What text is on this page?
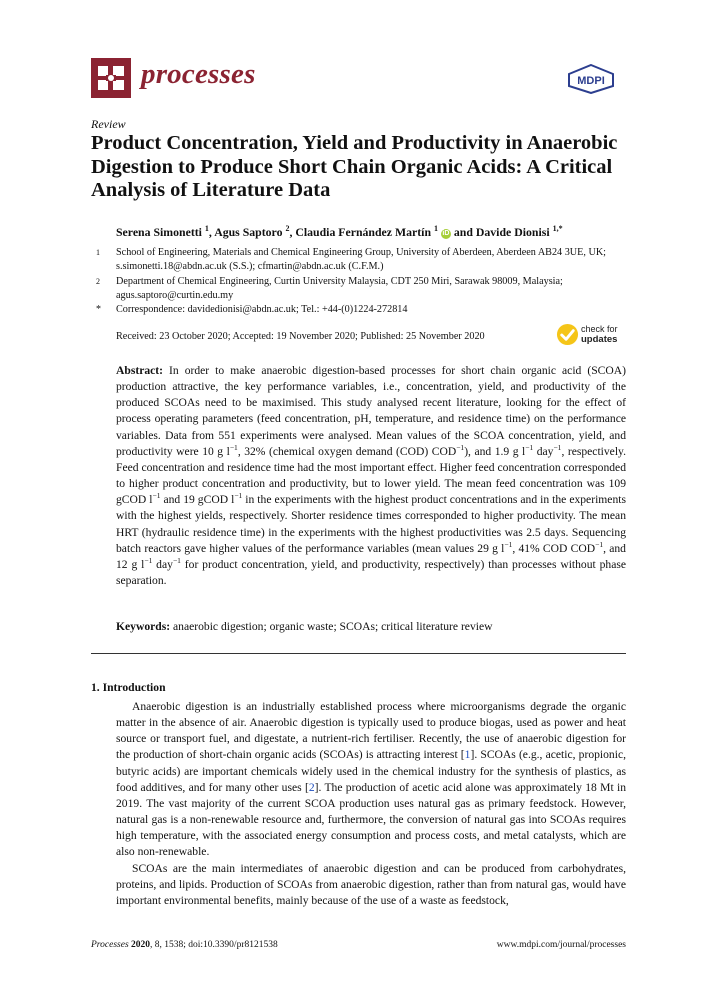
processes	MDPI
Review
Product Concentration, Yield and Productivity in Anaerobic Digestion to Produce Short Chain Organic Acids: A Critical Analysis of Literature Data
Serena Simonetti $^1$, Agus Saptoro $^2$, Claudia Fernández Martín $^1$ iD and Davide Dionisi $^{1,*}$
1 School of Engineering, Materials and Chemical Engineering Group, University of Aberdeen, Aberdeen AB24 3UE, UK; s.simonetti.18@abdn.ac.uk (S.S.); cfmartin@abdn.ac.uk (C.F.M.)
2 Department of Chemical Engineering, Curtin University Malaysia, CDT 250 Miri, Sarawak 98009, Malaysia; agus.saptoro@curtin.edu.my
* Correspondence: davidedionisi@abdn.ac.uk; Tel.: +44-(0)1224-272814
Received: 23 October 2020; Accepted: 19 November 2020; Published: 25 November 2020
check for
updates

Abstract: In order to make anaerobic digestion-based processes for short chain organic acid (SCOA) production attractive, the key performance variables, i.e., concentration, yield, and productivity of the produced SCOAs need to be maximised. This study analysed recent literature, looking for the effect of process operating parameters (feed concentration, pH, temperature, and residence time) on the performance variables. Data from 551 experiments were analysed. Mean values of the SCOA concentration, yield, and productivity were 10 g $l^{-1}$, 32% (chemical oxygen demand (COD) $COD^{-1}$), and 1.9 g $l^{-1}$ day$^{-1}$, respectively. Feed concentration and residence time had the most important effect. Higher feed concentration corresponded to higher product concentration and productivity, but to lower yield. The mean feed concentration was 109 gCOD $l^{-1}$ and 19 gCOD $l^{-1}$ in the experiments with the highest product concentrations and in the experiments with the highest yields, respectively. Shorter residence times corresponded to higher productivity. The mean HRT (hydraulic residence time) in the experiments with the highest productivities was 2.5 days. Sequencing batch reactors gave higher values of the performance variables (mean values 29 g $l^{-1}$, 41% COD $COD^{-1}$, and 12 g $l^{-1}$ day$^{-1}$ for product concentration, yield, and productivity, respectively) than processes without phase separation.

Keywords: anaerobic digestion; organic waste; SCOAs; critical literature review
1. Introduction

Anaerobic digestion is an industrially established process where microorganisms degrade the organic matter in the absence of air. Anaerobic digestion is typically used to produce biogas, used as power and heat source or transport fuel, and digestate, a nutrient-rich fertiliser. Recently, the use of anaerobic digestion for the production of short-chain organic acids (SCOAs) is attracting interest [1]. SCOAs (e.g., acetic, propionic, butyric acids) are important chemicals widely used in the chemical industry for the synthesis of plastics, as food additives, and for many other uses [2]. The production of acetic acid alone was approximately 18 Mt in 2019. The vast majority of the current SCOA production uses natural gas as primary feedstock. However, natural gas is a non-renewable resource and, furthermore, the conversion of natural gas into SCOAs requires high temperature, with the associated energy consumption and process costs, and metal catalysts, which are also non-renewable.

SCOAs are the main intermediates of anaerobic digestion and can be produced from carbohydrates, proteins, and lipids. Production of SCOAs from anaerobic digestion, rather than from natural gas, would have important environmental benefits, mainly because of the use of a waste as feedstock,

Processes 2020, 8, 1538; doi:10.3390/pr8121538	www.mdpi.com/journal/processes
